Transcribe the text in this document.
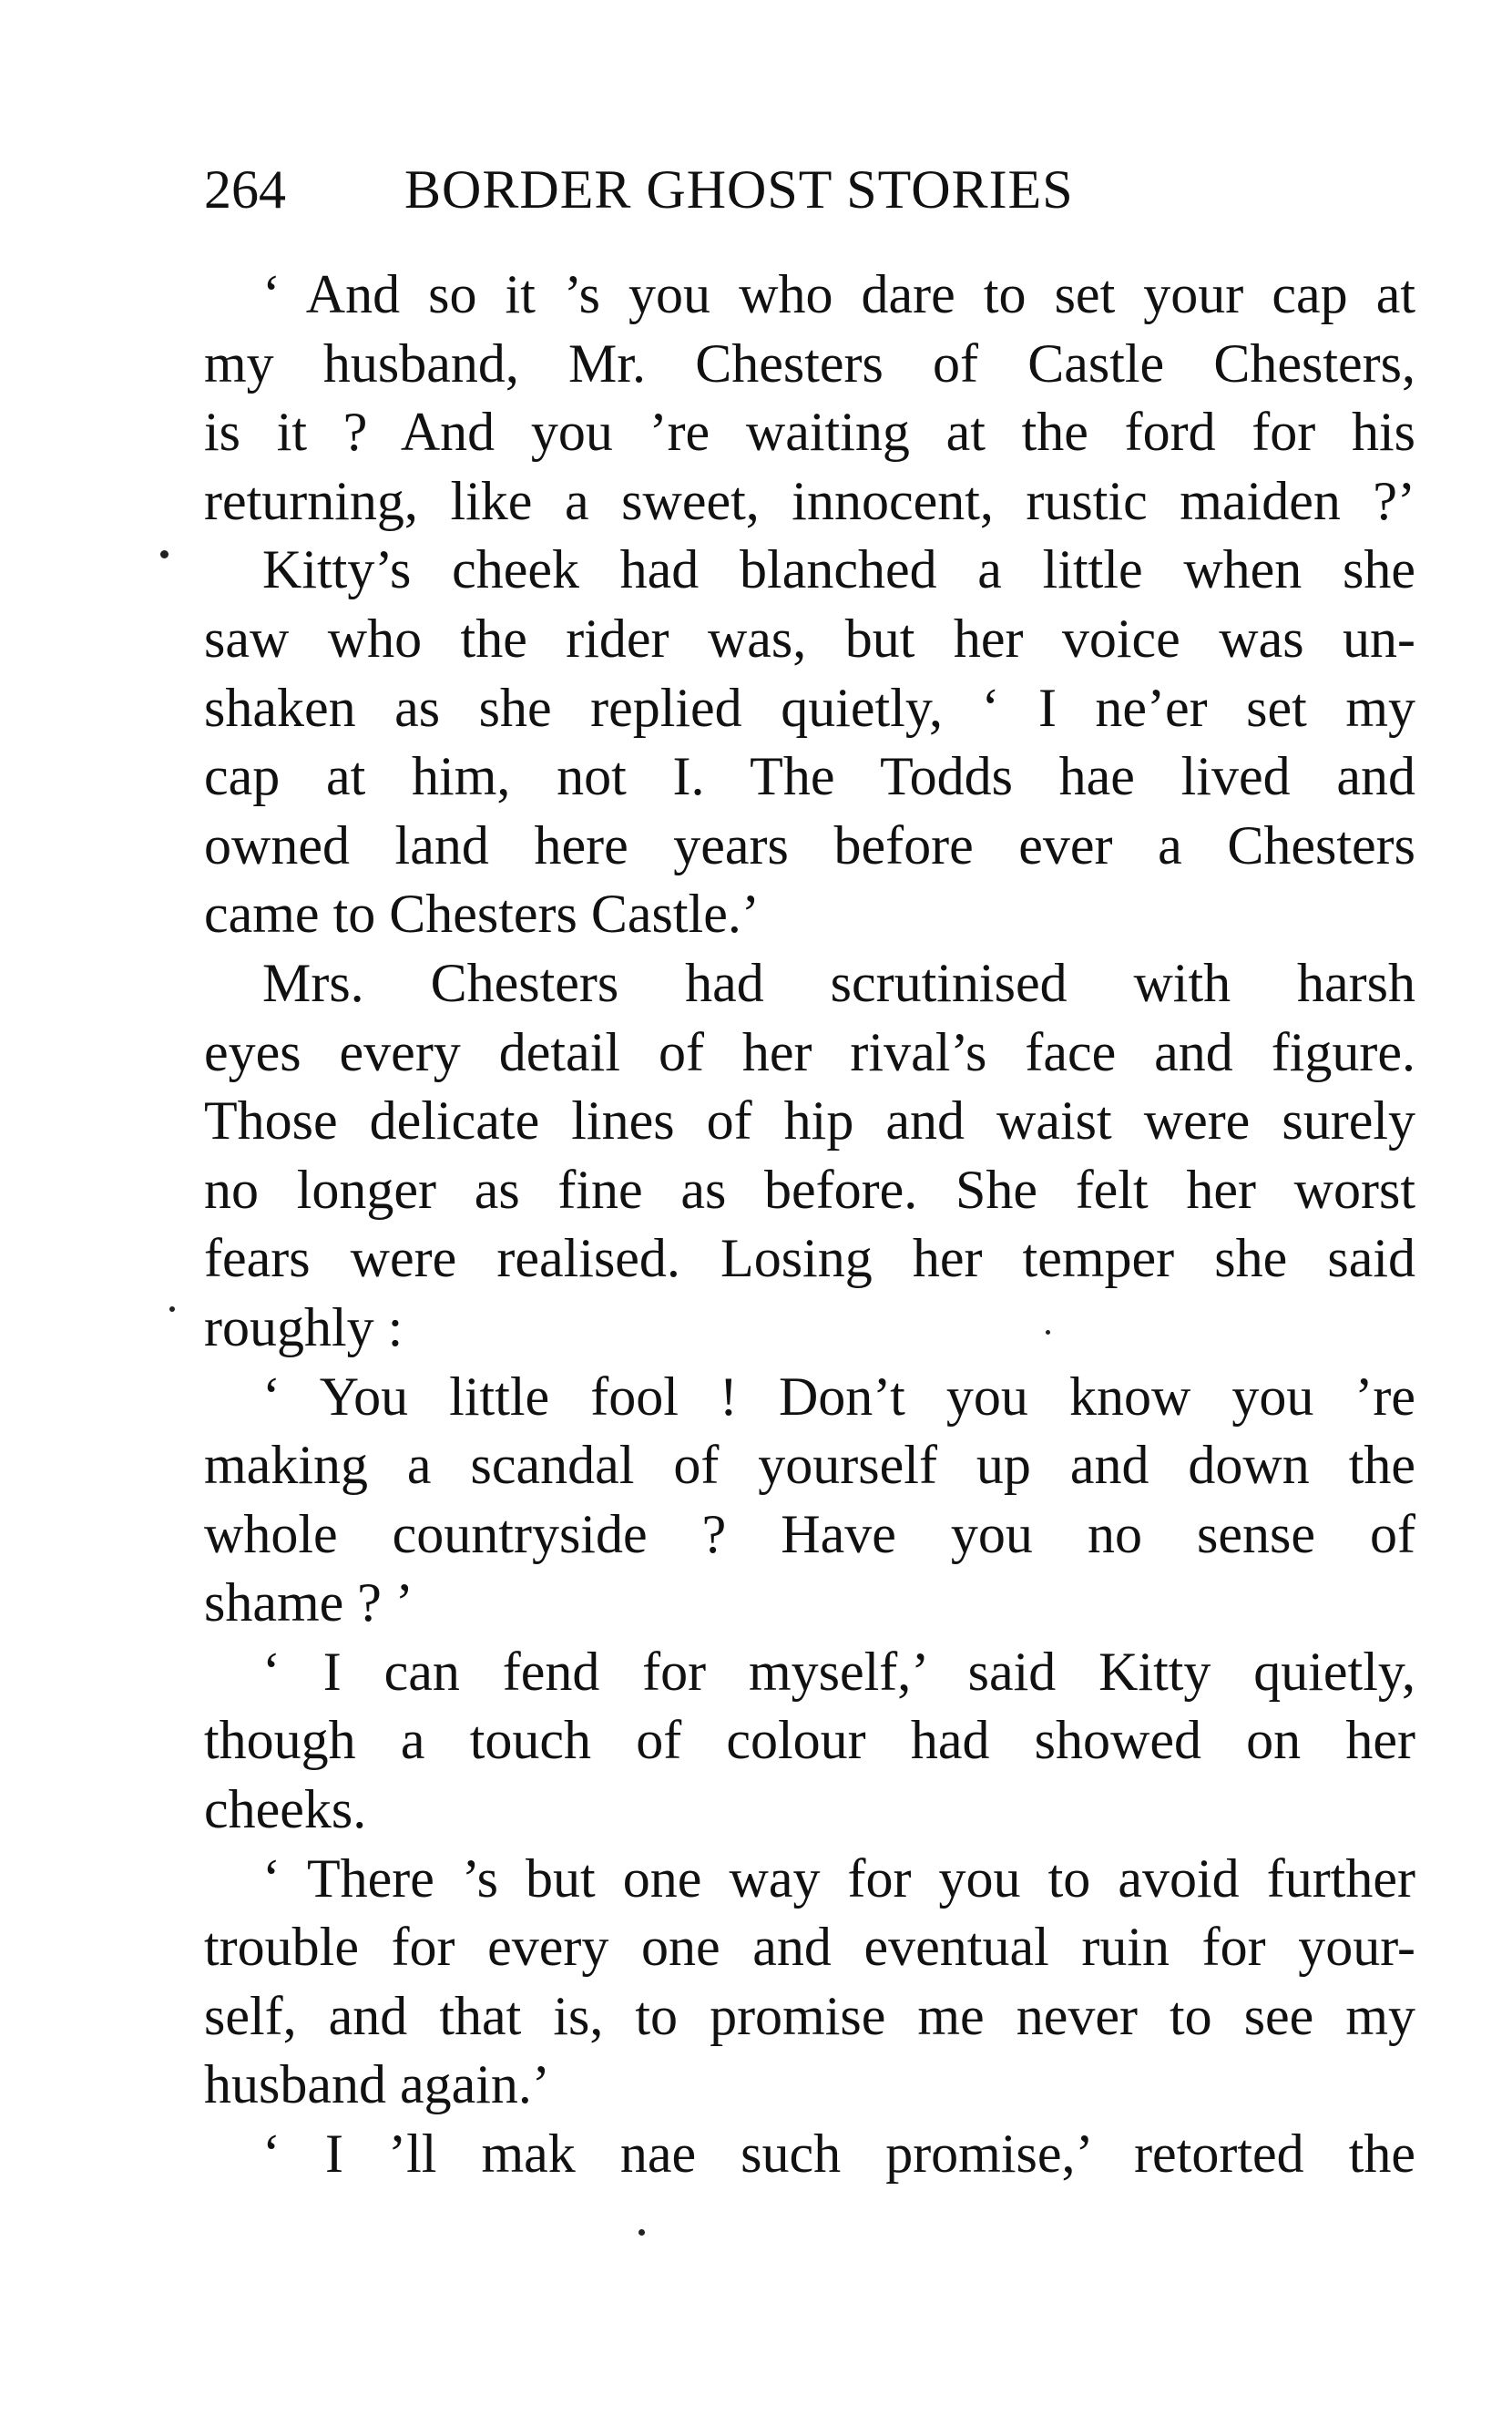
264 BORDER GHOST STORIES
‘ And so it ’s you who dare to set your cap at
my husband, Mr. Chesters of Castle Chesters,
is it ? And you ’re waiting at the ford for his
returning, like a sweet, innocent, rustic maiden ?’
Kitty’s cheek had blanched a little when she
saw who the rider was, but her voice was un-
shaken as she replied quietly, ‘ I ne’er set my
cap at him, not I. The Todds hae lived and
owned land here years before ever a Chesters
came to Chesters Castle.’
Mrs. Chesters had scrutinised with harsh
eyes every detail of her rival’s face and figure.
Those delicate lines of hip and waist were surely
no longer as fine as before. She felt her worst
fears were realised. Losing her temper she said
roughly :
‘ You little fool ! Don’t you know you ’re
making a scandal of yourself up and down the
whole countryside ? Have you no sense of
shame ? ’
‘ I can fend for myself,’ said Kitty quietly,
though a touch of colour had showed on her
cheeks.
‘ There ’s but one way for you to avoid further
trouble for every one and eventual ruin for your-
self, and that is, to promise me never to see my
husband again.’
‘ I ’ll mak nae such promise,’ retorted the
